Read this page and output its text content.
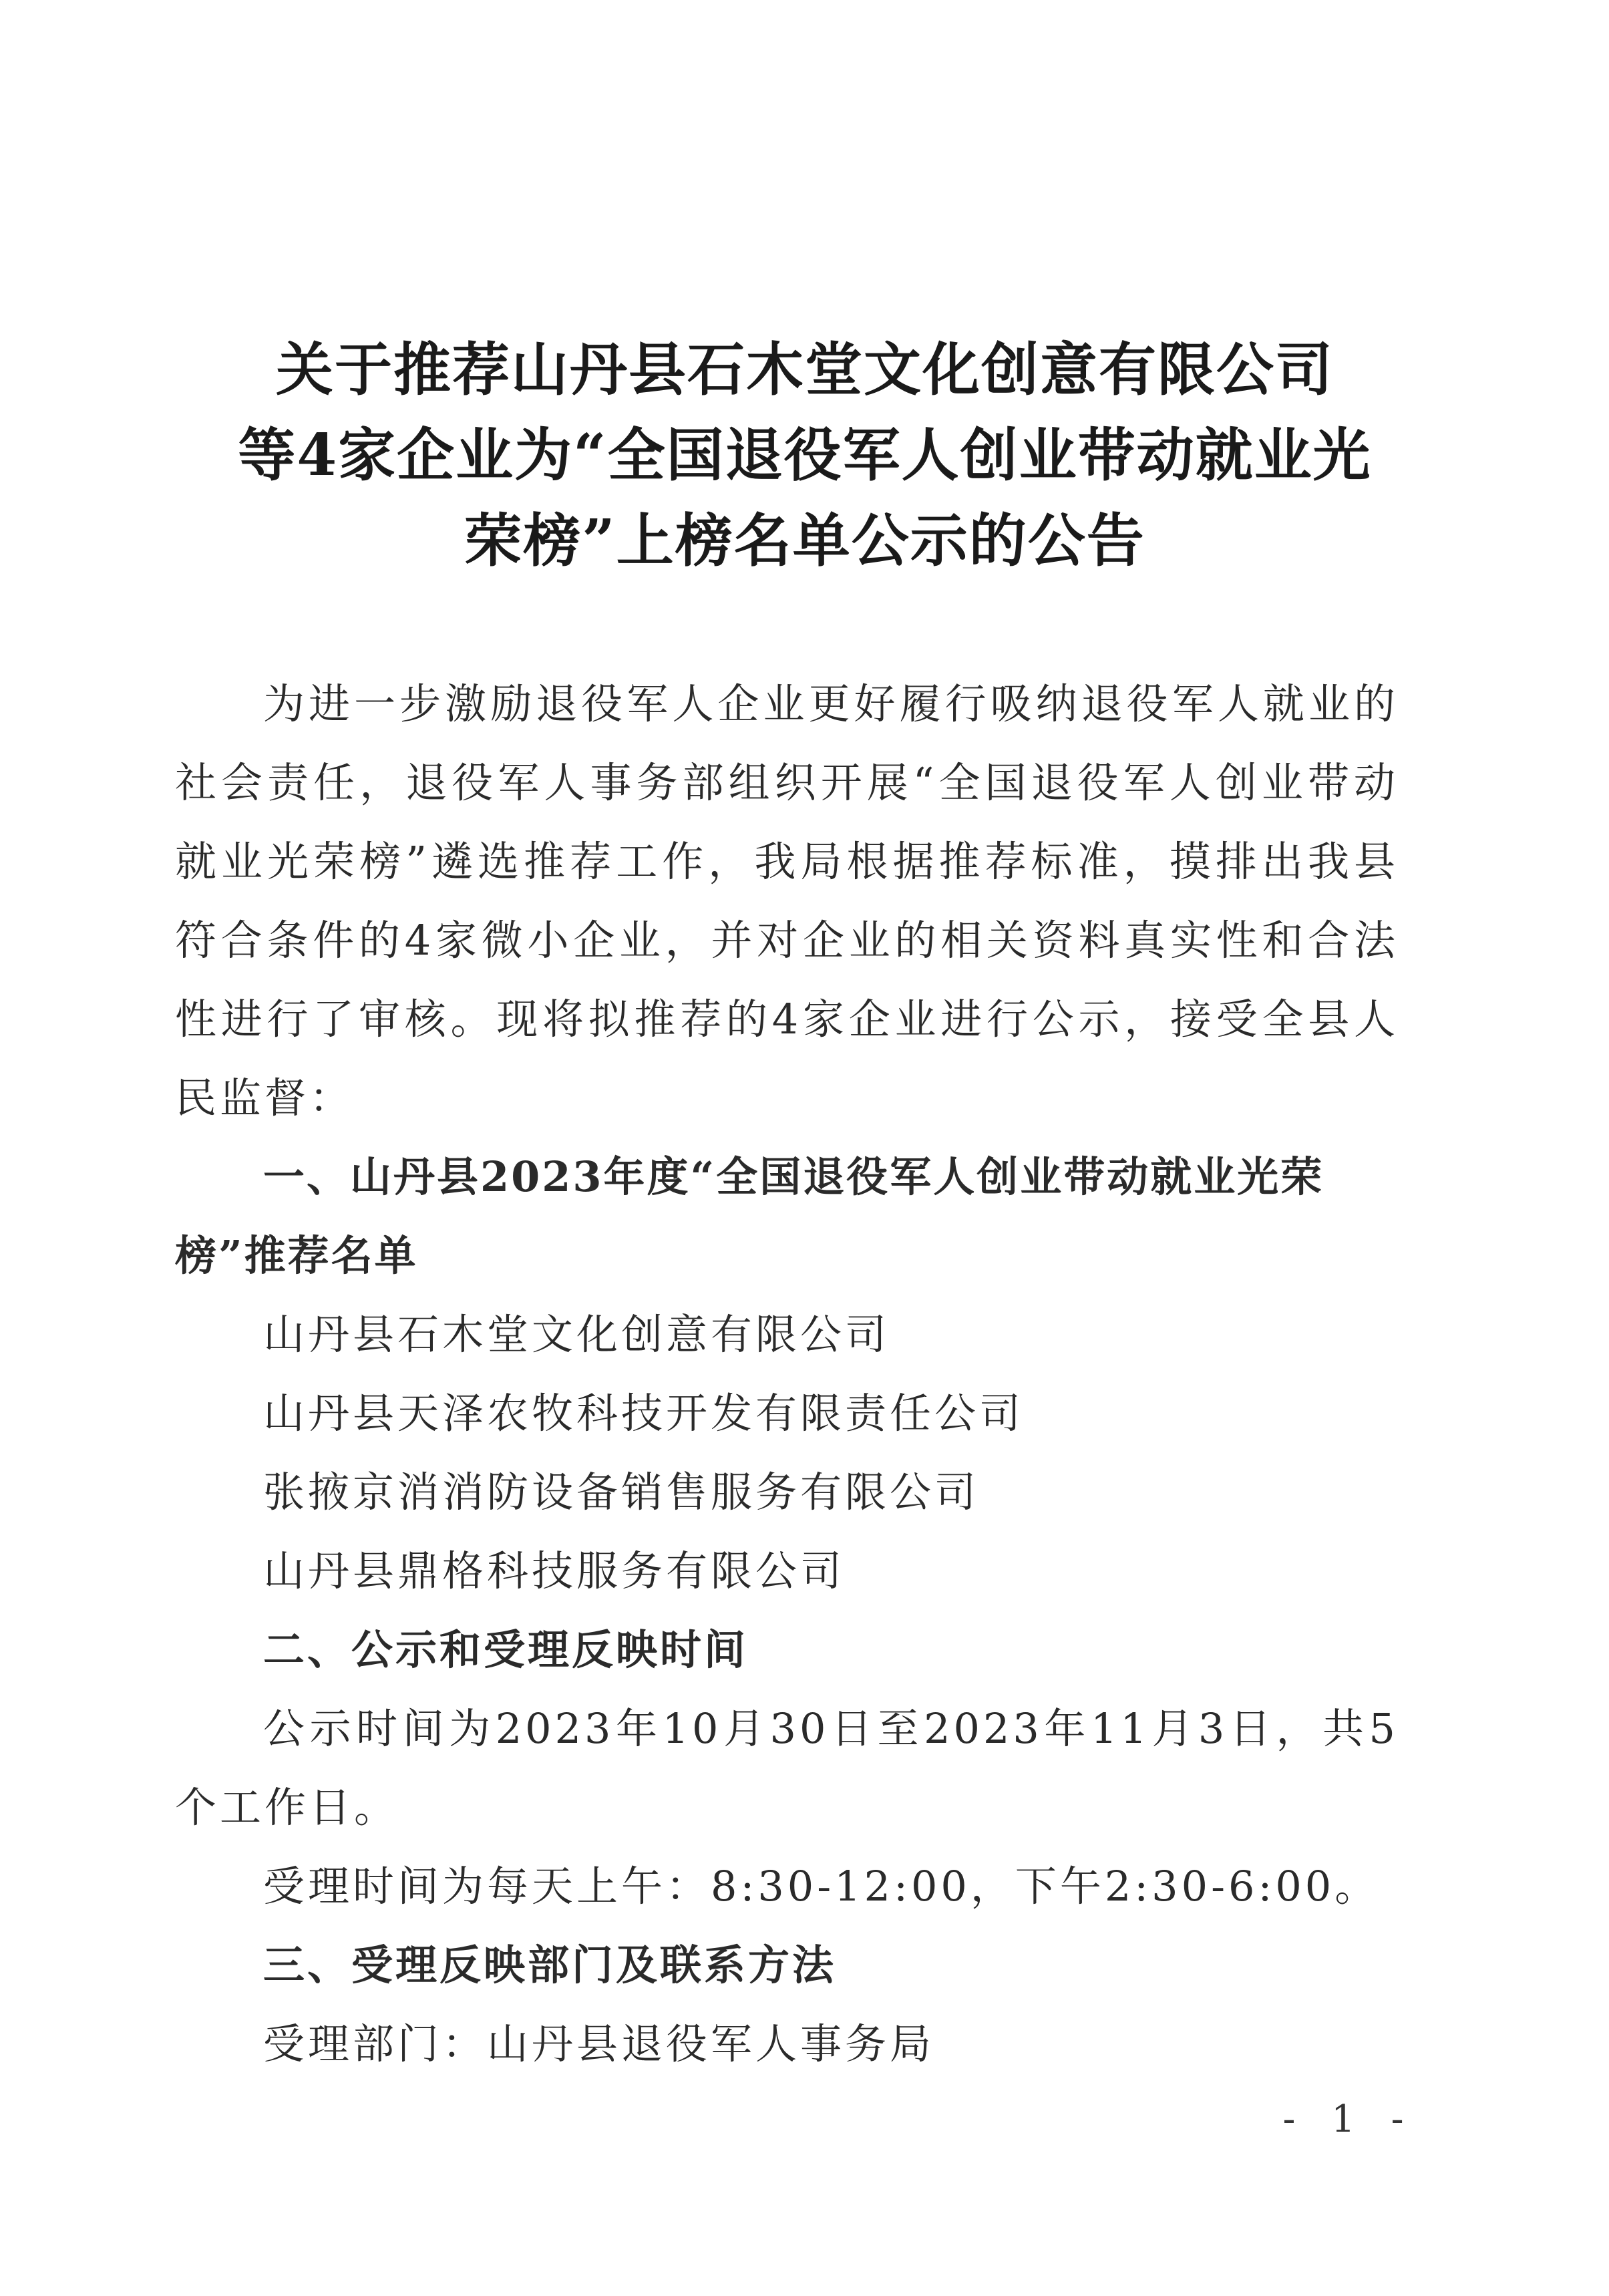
关于推荐山丹县石木堂文化创意有限公司
等4家企业为“全国退役军人创业带动就业光
荣榜”上榜名单公示的公告

为进一步激励退役军人企业更好履行吸纳退役军人就业的社会责任，退役军人事务部组织开展“全国退役军人创业带动就业光荣榜”遴选推荐工作，我局根据推荐标准，摸排出我县符合条件的4家微小企业，并对企业的相关资料真实性和合法性进行了审核。现将拟推荐的4家企业进行公示，接受全县人民监督：

一、山丹县2023年度“全国退役军人创业带动就业光荣榜”推荐名单

山丹县石木堂文化创意有限公司

山丹县天泽农牧科技开发有限责任公司

张掖京消消防设备销售服务有限公司

山丹县鼎格科技服务有限公司

二、公示和受理反映时间

公示时间为2023年10月30日至2023年11月3日，共5个工作日。

受理时间为每天上午：8:30-12:00，下午2:30-6:00。

三、受理反映部门及联系方法

受理部门：山丹县退役军人事务局

- 1 -
